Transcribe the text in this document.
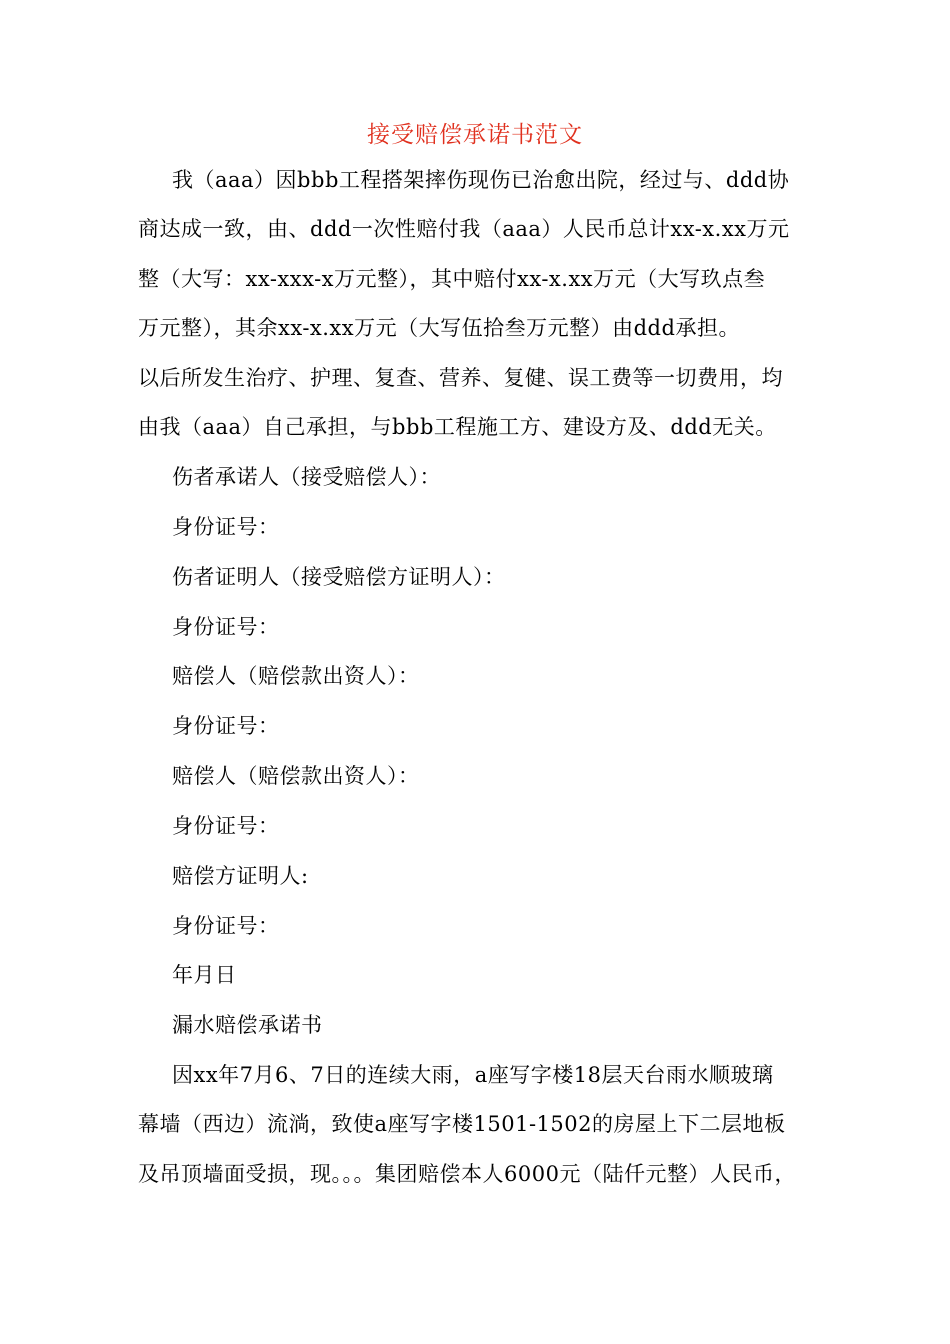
接受赔偿承诺书范文
我（aaa）因bbb工程搭架摔伤现伤已治愈出院，经过与、ddd协
商达成一致，由、ddd一次性赔付我（aaa）人民币总计xx-x.xx万元
整（大写：xx-xxx-x万元整），其中赔付xx-x.xx万元（大写玖点叁
万元整），其余xx-x.xx万元（大写伍拾叁万元整）由ddd承担。
以后所发生治疗、护理、复查、营养、复健、误工费等一切费用，均
由我（aaa）自己承担，与bbb工程施工方、建设方及、ddd无关。
伤者承诺人（接受赔偿人）：
身份证号：
伤者证明人（接受赔偿方证明人）：
身份证号：
赔偿人（赔偿款出资人）：
身份证号：
赔偿人（赔偿款出资人）：
身份证号：
赔偿方证明人:
身份证号：
年月日
漏水赔偿承诺书
因xx年7月6、7日的连续大雨，a座写字楼18层天台雨水顺玻璃
幕墙（西边）流淌，致使a座写字楼1501-1502的房屋上下二层地板
及吊顶墙面受损，现。。。集团赔偿本人6000元（陆仟元整）人民币，
